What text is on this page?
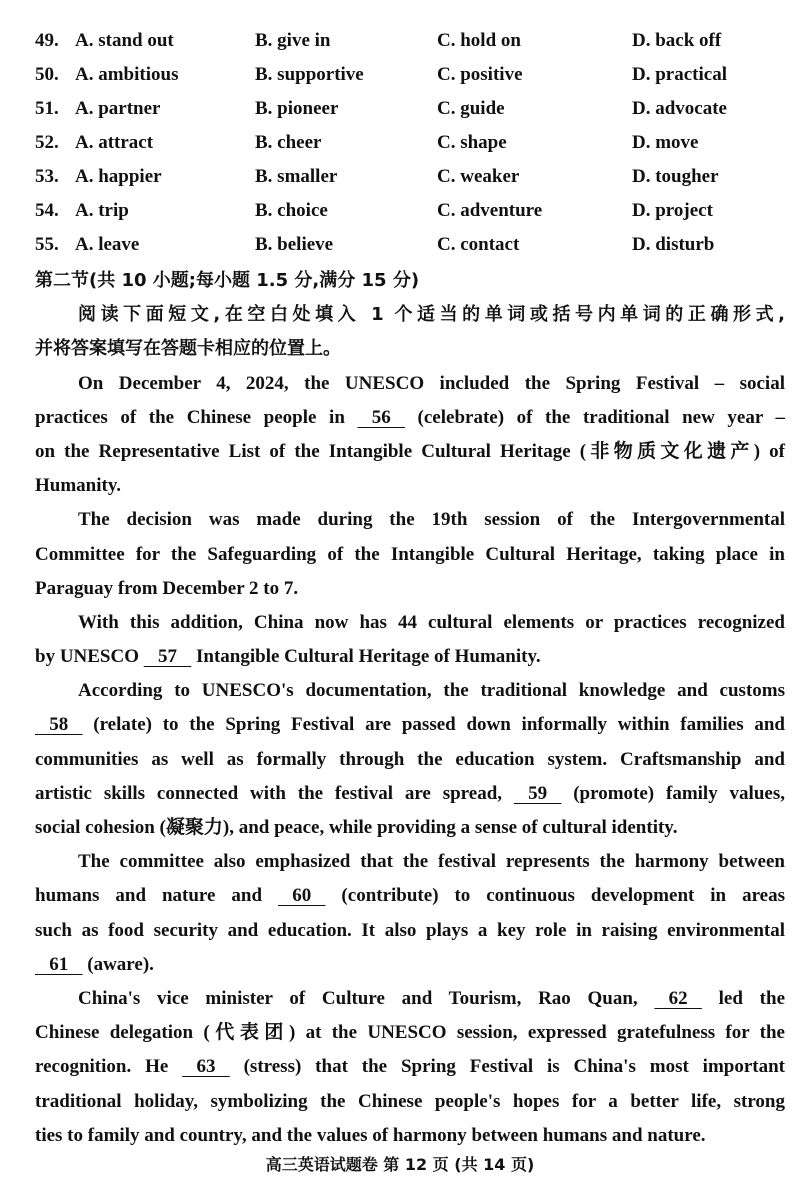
49. A. stand out	B. give in	C. hold on	D. back off
50. A. ambitious	B. supportive	C. positive	D. practical
51. A. partner	B. pioneer	C. guide	D. advocate
52. A. attract	B. cheer	C. shape	D. move
53. A. happier	B. smaller	C. weaker	D. tougher
54. A. trip	B. choice	C. adventure	D. project
55. A. leave	B. believe	C. contact	D. disturb
第二节(共 10 小题;每小题 1.5 分,满分 15 分)
阅读下面短文,在空白处填入 1 个适当的单词或括号内单词的正确形式,
并将答案填写在答题卡相应的位置上。
On December 4, 2024, the UNESCO included the Spring Festival – social
practices of the Chinese people in    56    (celebrate) of the traditional new year –
on the Representative List of the Intangible Cultural Heritage (非物质文化遗产) of
Humanity.
The decision was made during the 19th session of the Intergovernmental
Committee for the Safeguarding of the Intangible Cultural Heritage, taking place in
Paraguay from December 2 to 7.
With this addition, China now has 44 cultural elements or practices recognized
by UNESCO    57    Intangible Cultural Heritage of Humanity.
According to UNESCO's documentation, the traditional knowledge and customs
58    (relate) to the Spring Festival are passed down informally within families and
communities as well as formally through the education system. Craftsmanship and
artistic skills connected with the festival are spread,    59    (promote) family values,
social cohesion (凝聚力), and peace, while providing a sense of cultural identity.
The committee also emphasized that the festival represents the harmony between
humans and nature and    60    (contribute) to continuous development in areas
such as food security and education. It also plays a key role in raising environmental
61    (aware).
China's vice minister of Culture and Tourism, Rao Quan,    62    led the
Chinese delegation (代表团) at the UNESCO session, expressed gratefulness for the
recognition. He    63    (stress) that the Spring Festival is China's most important
traditional holiday, symbolizing the Chinese people's hopes for a better life, strong
ties to family and country, and the values of harmony between humans and nature.
高三英语试题卷 第 12 页 (共 14 页)
